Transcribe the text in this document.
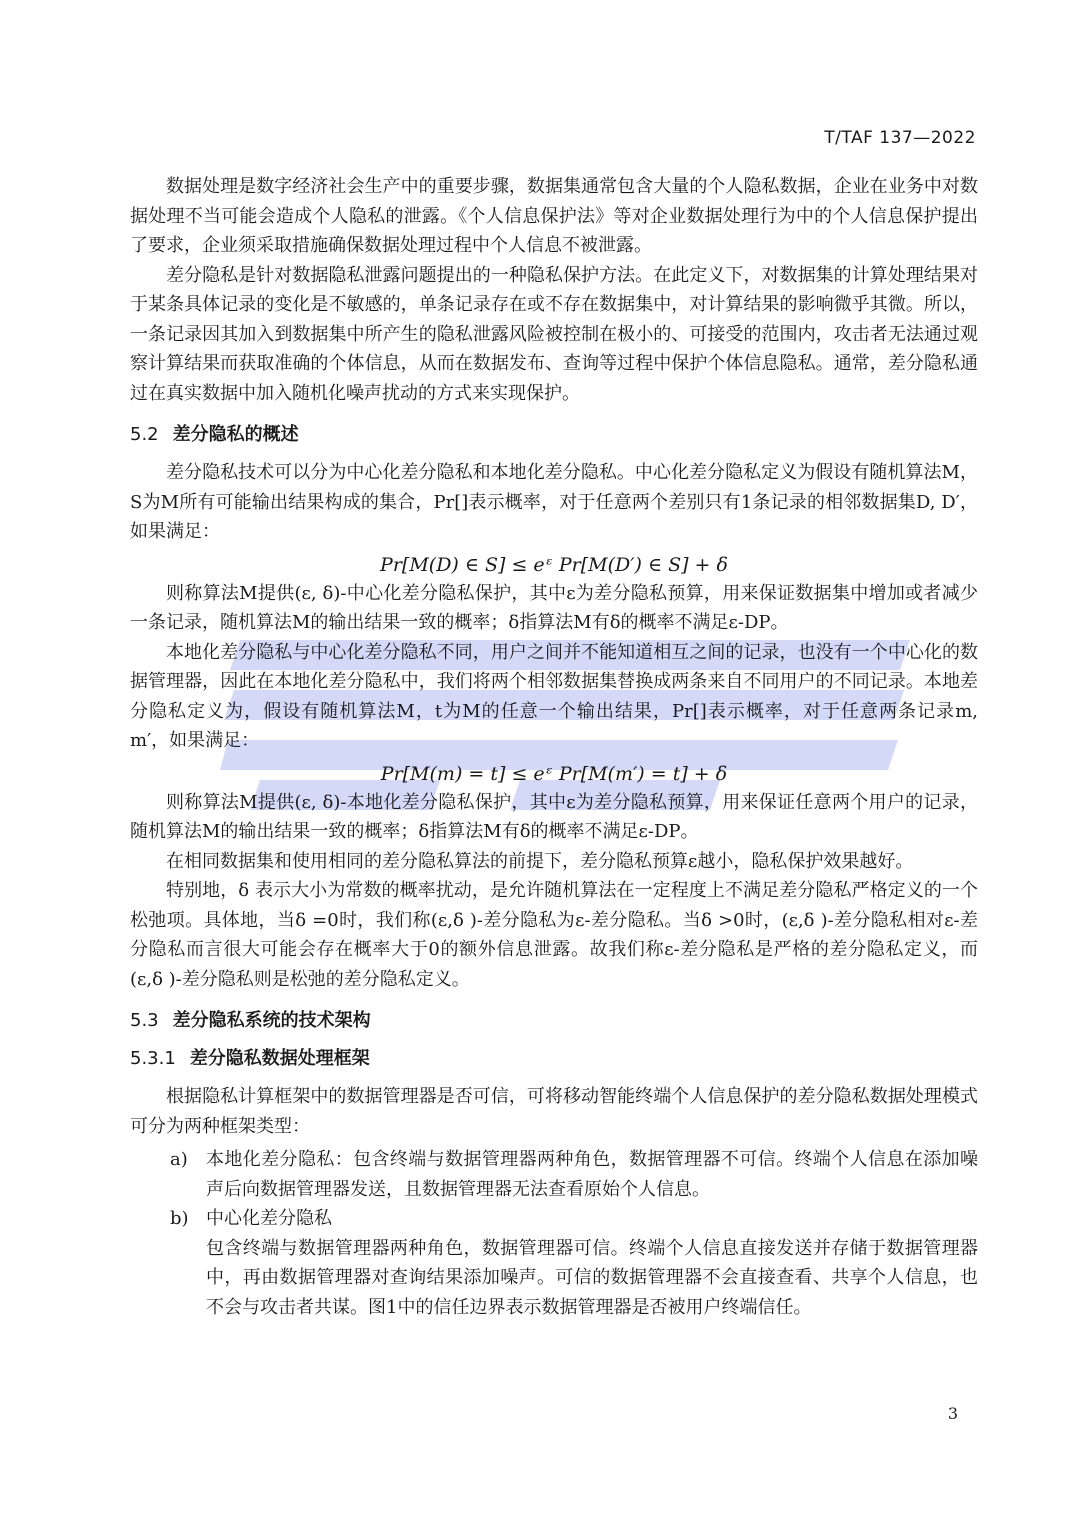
T/TAF 137—2022

数据处理是数字经济社会生产中的重要步骤，数据集通常包含大量的个人隐私数据，企业在业务中对数据处理不当可能会造成个人隐私的泄露。《个人信息保护法》等对企业数据处理行为中的个人信息保护提出了要求，企业须采取措施确保数据处理过程中个人信息不被泄露。

差分隐私是针对数据隐私泄露问题提出的一种隐私保护方法。在此定义下，对数据集的计算处理结果对于某条具体记录的变化是不敏感的，单条记录存在或不存在数据集中，对计算结果的影响微乎其微。所以，一条记录因其加入到数据集中所产生的隐私泄露风险被控制在极小的、可接受的范围内，攻击者无法通过观察计算结果而获取准确的个体信息，从而在数据发布、查询等过程中保护个体信息隐私。通常，差分隐私通过在真实数据中加入随机化噪声扰动的方式来实现保护。

5.2 差分隐私的概述

差分隐私技术可以分为中心化差分隐私和本地化差分隐私。中心化差分隐私定义为假设有随机算法M，S为M所有可能输出结果构成的集合，Pr[]表示概率，对于任意两个差别只有1条记录的相邻数据集D, D′，如果满足：

Pr[M(D) ∈ S] ≤ eᵋ Pr[M(D′) ∈ S] + δ

则称算法M提供(ε, δ)-中心化差分隐私保护，其中ε为差分隐私预算，用来保证数据集中增加或者减少一条记录，随机算法M的输出结果一致的概率；δ指算法M有δ的概率不满足ε-DP。

本地化差分隐私与中心化差分隐私不同，用户之间并不能知道相互之间的记录，也没有一个中心化的数据管理器，因此在本地化差分隐私中，我们将两个相邻数据集替换成两条来自不同用户的不同记录。本地差分隐私定义为，假设有随机算法M，t为M的任意一个输出结果，Pr[]表示概率，对于任意两条记录m, m′，如果满足：

Pr[M(m) = t] ≤ eᵋ Pr[M(m′) = t] + δ

则称算法M提供(ε, δ)-本地化差分隐私保护，其中ε为差分隐私预算，用来保证任意两个用户的记录，随机算法M的输出结果一致的概率；δ指算法M有δ的概率不满足ε-DP。

在相同数据集和使用相同的差分隐私算法的前提下，差分隐私预算ε越小，隐私保护效果越好。

特别地，δ 表示大小为常数的概率扰动，是允许随机算法在一定程度上不满足差分隐私严格定义的一个松弛项。具体地，当δ =0时，我们称(ε,δ )-差分隐私为ε-差分隐私。当δ >0时，(ε,δ )-差分隐私相对ε-差分隐私而言很大可能会存在概率大于0的额外信息泄露。故我们称ε-差分隐私是严格的差分隐私定义，而(ε,δ )-差分隐私则是松弛的差分隐私定义。

5.3 差分隐私系统的技术架构
5.3.1 差分隐私数据处理框架

根据隐私计算框架中的数据管理器是否可信，可将移动智能终端个人信息保护的差分隐私数据处理模式可分为两种框架类型：

a)	本地化差分隐私：包含终端与数据管理器两种角色，数据管理器不可信。终端个人信息在添加噪声后向数据管理器发送，且数据管理器无法查看原始个人信息。
b) 中心化差分隐私
包含终端与数据管理器两种角色，数据管理器可信。终端个人信息直接发送并存储于数据管理器中，再由数据管理器对查询结果添加噪声。可信的数据管理器不会直接查看、共享个人信息，也不会与攻击者共谋。图1中的信任边界表示数据管理器是否被用户终端信任。
3
